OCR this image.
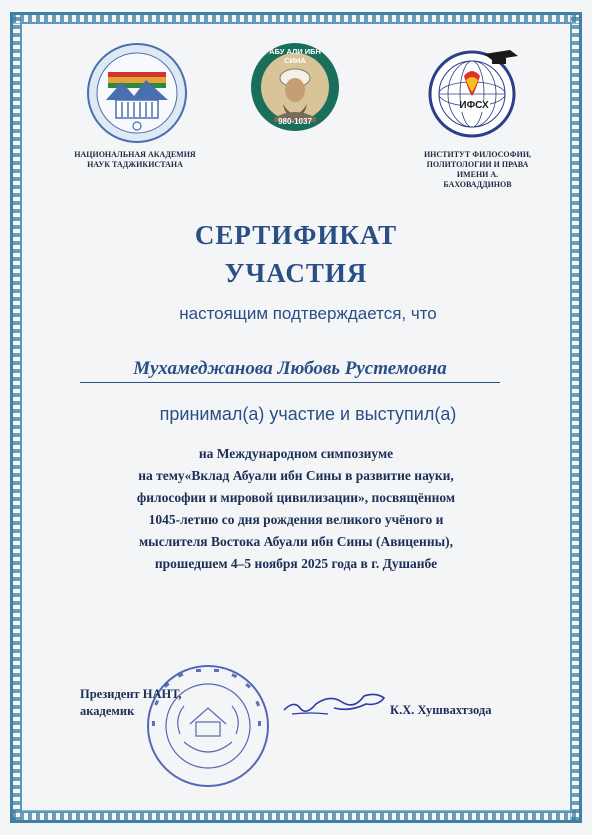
НАЦИОНАЛЬНАЯ АКАДЕМИЯ
НАУК ТАДЖИКИСТАНА
АБУ АЛИ ИБН СИНА
980-1037
ИФСХ
ИНСТИТУТ ФИЛОСОФИИ,
ПОЛИТОЛОГИИ И ПРАВА ИМЕНИ А.
БАХОВАДДИНОВ
СЕРТИФИКАТ
УЧАСТИЯ
настоящим подтверждается, что
Мухамеджанова Любовь Рустемовна
принимал(а) участие и выступил(а)
на Международном симпозиуме
на тему«Вклад Абуали ибн Сины в развитие науки,
философии и мировой цивилизации», посвящённом
1045-летию со дня рождения великого учёного и
мыслителя Востока Абуали ибн Сины (Авиценны),
прошедшем 4–5 ноября 2025 года в г. Душанбе
Президент НАНТ,
академик	К.Х. Хушвахтзода
